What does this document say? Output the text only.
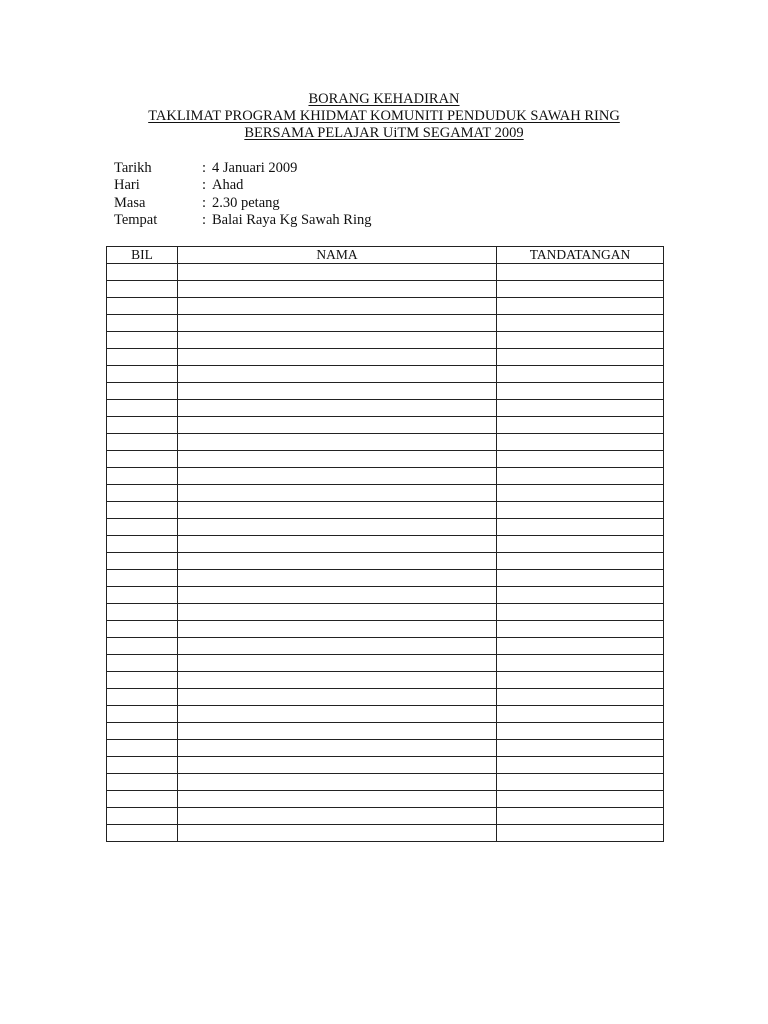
BORANG KEHADIRAN
TAKLIMAT PROGRAM KHIDMAT KOMUNITI PENDUDUK SAWAH RING
BERSAMA PELAJAR UiTM SEGAMAT 2009
Tarikh	: 4 Januari 2009
Hari	: Ahad
Masa	: 2.30 petang
Tempat	: Balai Raya Kg Sawah Ring
BIL	NAMA	TANDATANGAN
